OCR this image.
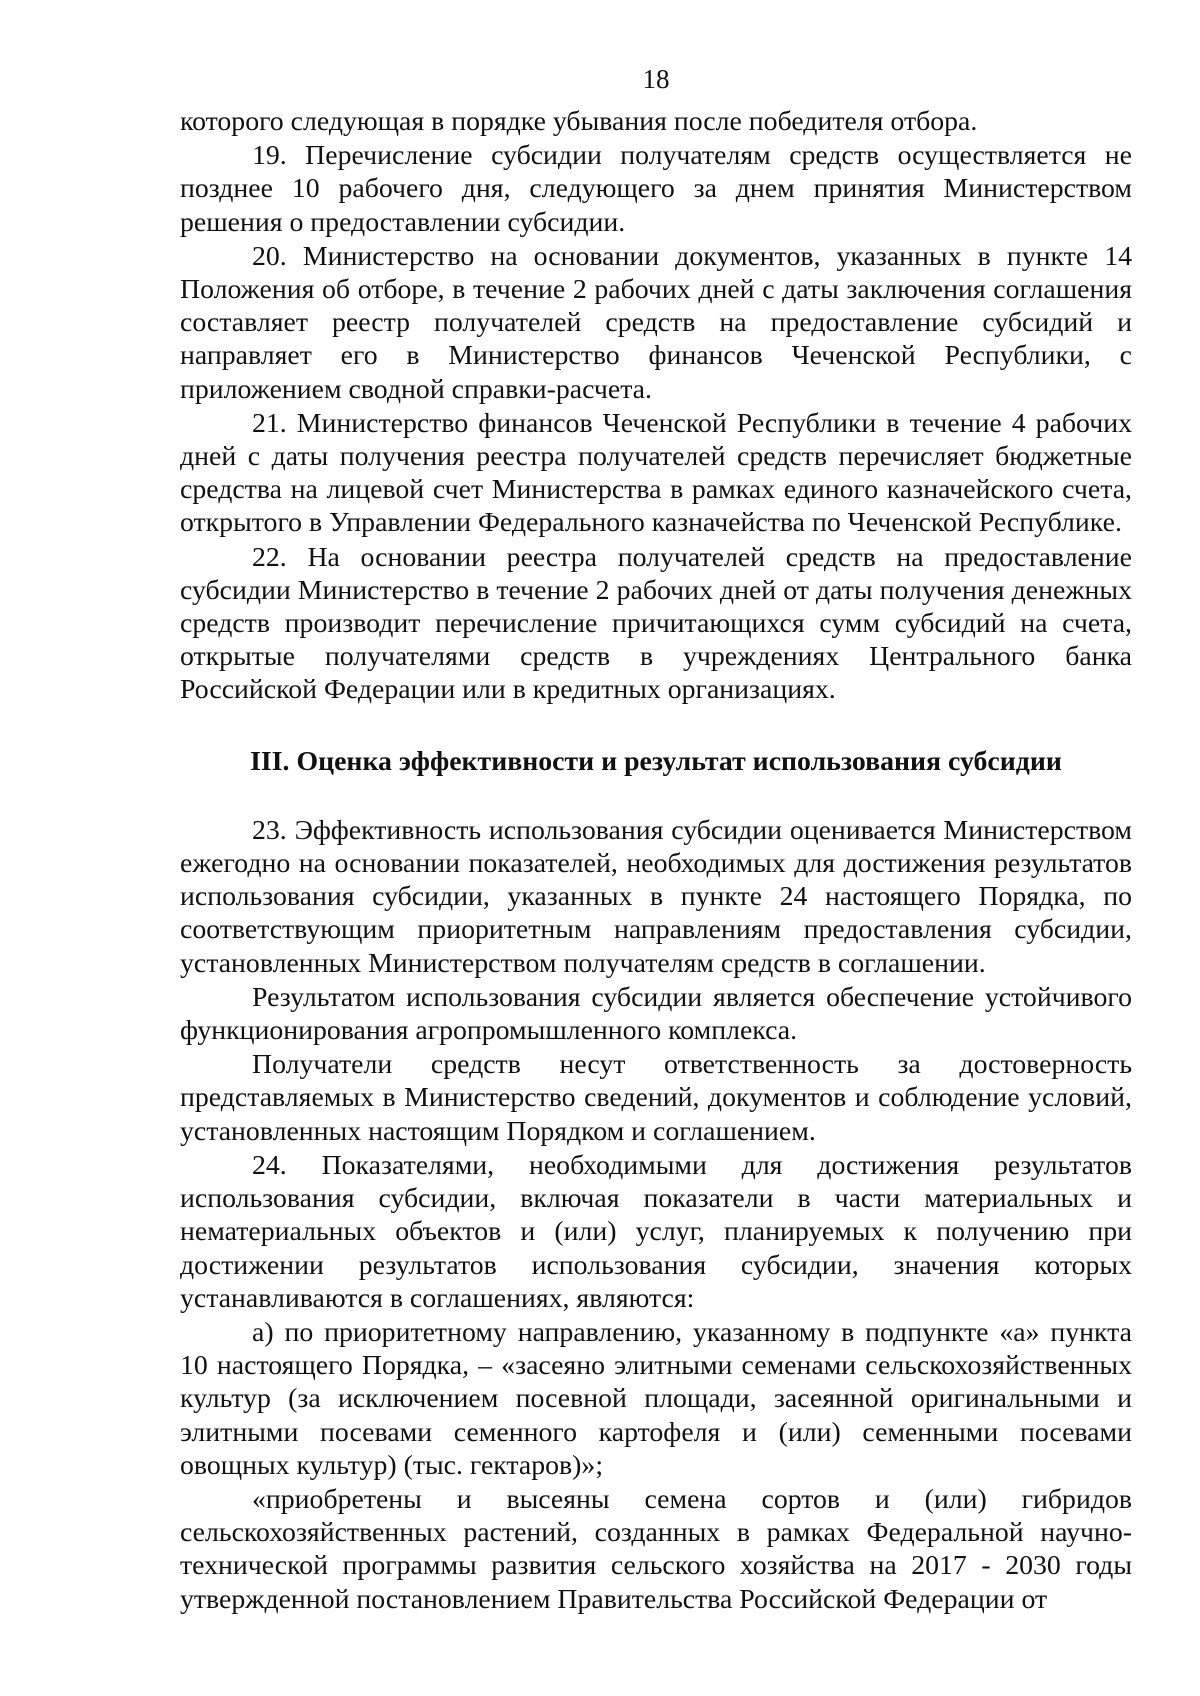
18

которого следующая в порядке убывания после победителя отбора.

19. Перечисление субсидии получателям средств осуществляется не позднее 10 рабочего дня, следующего за днем принятия Министерством решения о предоставлении субсидии.

20. Министерство на основании документов, указанных в пункте 14 Положения об отборе, в течение 2 рабочих дней с даты заключения соглашения составляет реестр получателей средств на предоставление субсидий и направляет его в Министерство финансов Чеченской Республики, с приложением сводной справки-расчета.

21. Министерство финансов Чеченской Республики в течение 4 рабочих дней с даты получения реестра получателей средств перечисляет бюджетные средства на лицевой счет Министерства в рамках единого казначейского счета, открытого в Управлении Федерального казначейства по Чеченской Республике.

22. На основании реестра получателей средств на предоставление субсидии Министерство в течение 2 рабочих дней от даты получения денежных средств производит перечисление причитающихся сумм субсидий на счета, открытые получателями средств в учреждениях Центрального банка Российской Федерации или в кредитных организациях.

III. Оценка эффективности и результат использования субсидии

23. Эффективность использования субсидии оценивается Министерством ежегодно на основании показателей, необходимых для достижения результатов использования субсидии, указанных в пункте 24 настоящего Порядка, по соответствующим приоритетным направлениям предоставления субсидии, установленных Министерством получателям средств в соглашении.

Результатом использования субсидии является обеспечение устойчивого функционирования агропромышленного комплекса.

Получатели средств несут ответственность за достоверность представляемых в Министерство сведений, документов и соблюдение условий, установленных настоящим Порядком и соглашением.

24. Показателями, необходимыми для достижения результатов использования субсидии, включая показатели в части материальных и нематериальных объектов и (или) услуг, планируемых к получению при достижении результатов использования субсидии, значения которых устанавливаются в соглашениях, являются:

а) по приоритетному направлению, указанному в подпункте «а» пункта 10 настоящего Порядка, – «засеяно элитными семенами сельскохозяйственных культур (за исключением посевной площади, засеянной оригинальными и элитными посевами семенного картофеля и (или) семенными посевами овощных культур) (тыс. гектаров)»;

«приобретены и высеяны семена сортов и (или) гибридов сельскохозяйственных растений, созданных в рамках Федеральной научно-технической программы развития сельского хозяйства на 2017 - 2030 годы утвержденной постановлением Правительства Российской Федерации от
